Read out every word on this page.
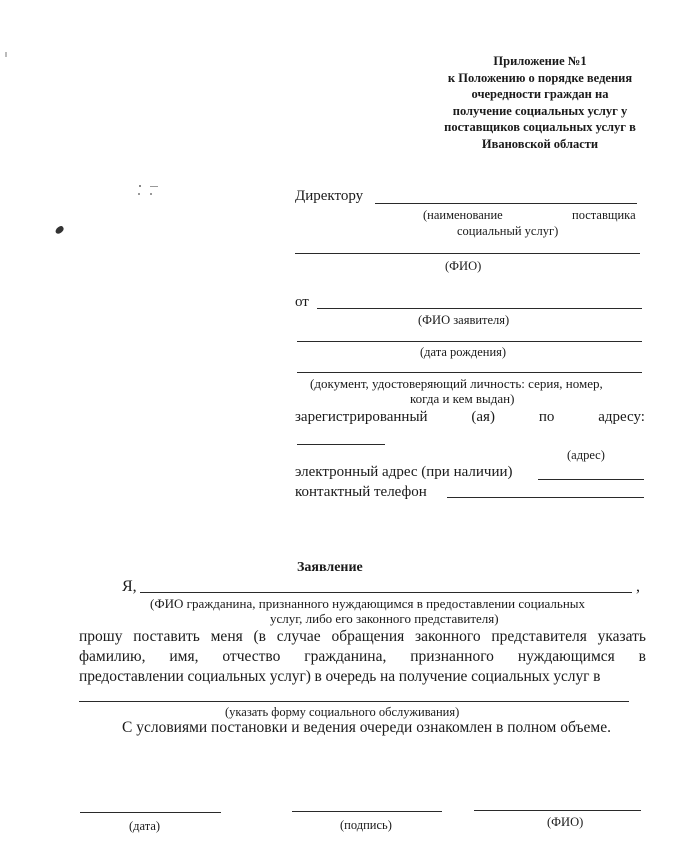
Приложение №1
к Положению о порядке ведения
очередности граждан на
получение социальных услуг у
поставщиков социальных услуг в
Ивановской области
Директору
(наименование	поставщика
социальный услуг)
(ФИО)
от
(ФИО заявителя)
(дата рождения)
(документ, удостоверяющий личность: серия, номер,
когда и кем выдан)
зарегистрированный	(ая)	по	адресу:
(адрес)
электронный адрес (при наличии)
контактный телефон
Заявление
Я,	,
(ФИО гражданина, признанного нуждающимся в предоставлении социальных
услуг, либо его законного представителя)
прошу поставить меня (в случае обращения законного представителя указать
фамилию, имя, отчество гражданина, признанного нуждающимся в
предоставлении социальных услуг) в очередь на получение социальных услуг в
(указать форму социального обслуживания)
С условиями постановки и ведения очереди ознакомлен в полном объеме.
(дата)	(подпись)	(ФИО)
